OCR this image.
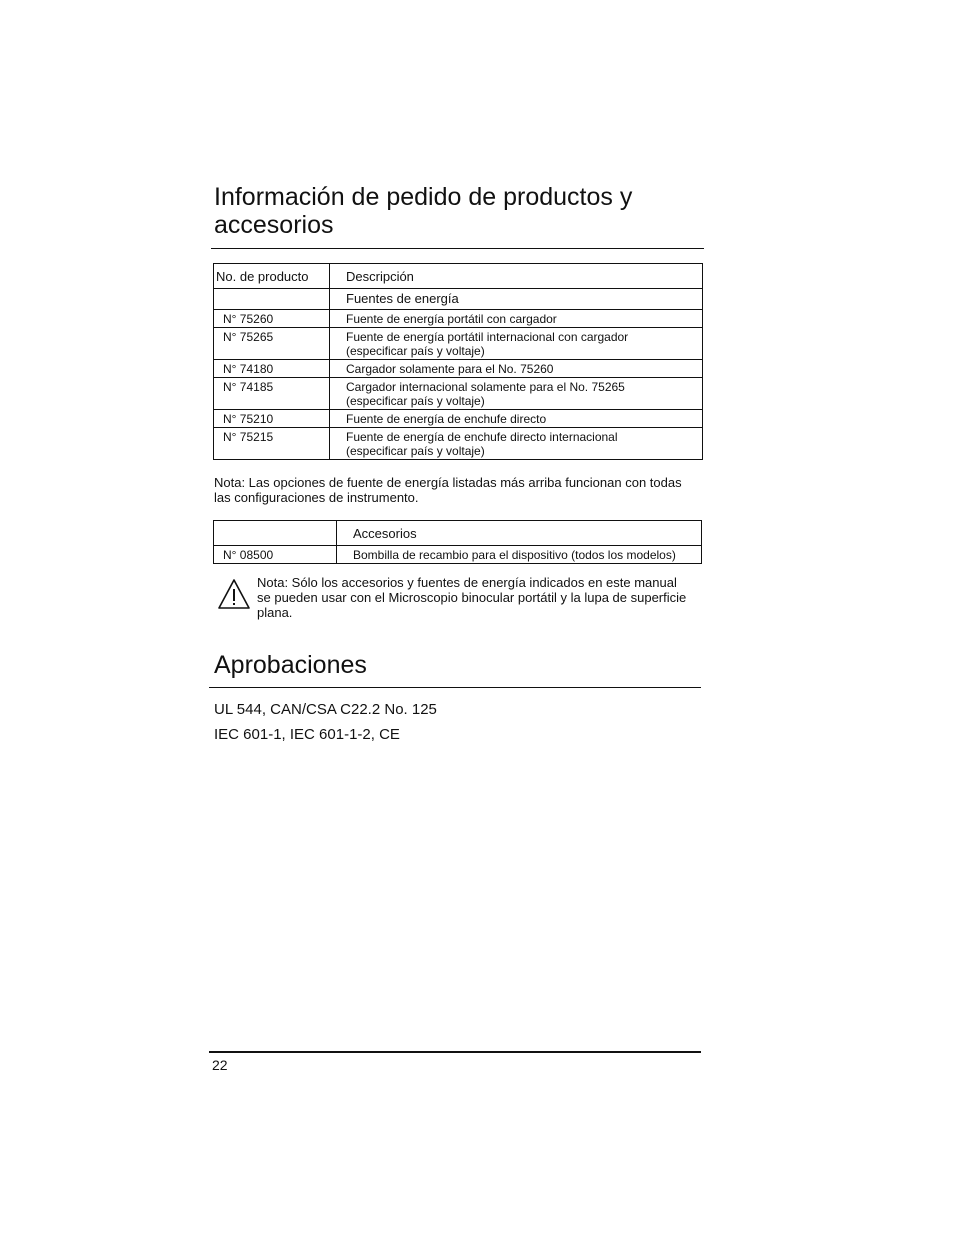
Información de pedido de productos y
accesorios
No. de producto	Descripción
	Fuentes de energía
N° 75260	Fuente de energía portátil con cargador

N° 75265	Fuente de energía portátil internacional con cargador
(especificar país y voltaje)

N° 74180	Cargador solamente para el No. 75260

N° 74185	Cargador internacional solamente para el No. 75265
(especificar país y voltaje)

N° 75210	Fuente de energía de enchufe directo

N° 75215	Fuente de energía de enchufe directo internacional
(especificar país y voltaje)
Nota: Las opciones de fuente de energía listadas más arriba funcionan con todas
las configuraciones de instrumento.
	Accesorios
N° 08500	Bombilla de recambio para el dispositivo (todos los modelos)
Nota: Sólo los accesorios y fuentes de energía indicados en este manual
se pueden usar con el Microscopio binocular portátil y la lupa de superficie
plana.
Aprobaciones
UL 544, CAN/CSA C22.2 No. 125
IEC 601-1, IEC 601-1-2, CE
22
